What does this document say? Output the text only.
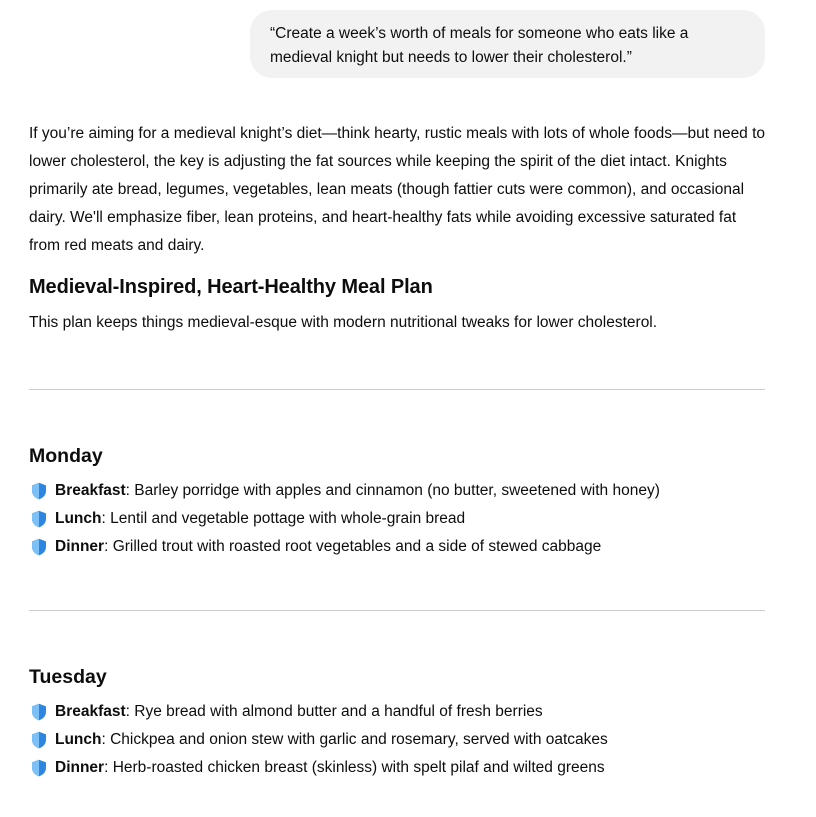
“Create a week’s worth of meals for someone who eats like a medieval knight but needs to lower their cholesterol.”

If you’re aiming for a medieval knight’s diet—think hearty, rustic meals with lots of whole foods—but need to lower cholesterol, the key is adjusting the fat sources while keeping the spirit of the diet intact. Knights primarily ate bread, legumes, vegetables, lean meats (though fattier cuts were common), and occasional dairy. We'll emphasize fiber, lean proteins, and heart-healthy fats while avoiding excessive saturated fat from red meats and dairy.

Medieval-Inspired, Heart-Healthy Meal Plan

This plan keeps things medieval-esque with modern nutritional tweaks for lower cholesterol.

Monday
Breakfast: Barley porridge with apples and cinnamon (no butter, sweetened with honey)
Lunch: Lentil and vegetable pottage with whole-grain bread
Dinner: Grilled trout with roasted root vegetables and a side of stewed cabbage
Tuesday
Breakfast: Rye bread with almond butter and a handful of fresh berries
Lunch: Chickpea and onion stew with garlic and rosemary, served with oatcakes
Dinner: Herb-roasted chicken breast (skinless) with spelt pilaf and wilted greens
